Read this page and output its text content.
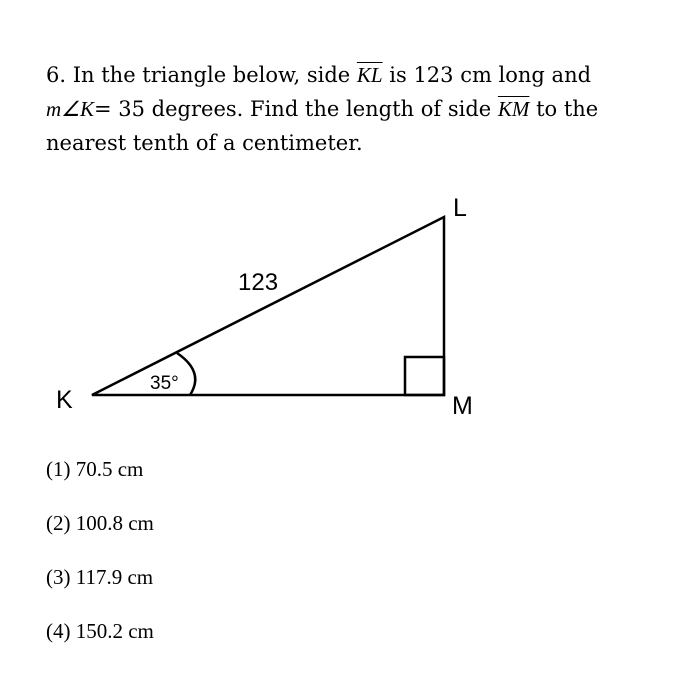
6. In the triangle below, side $\overline{KL}$ is 123 cm long and
m∠K= 35 degrees. Find the length of side $\overline{KM}$ to the
nearest tenth of a centimeter.
K
L
M
123
35°
(1) 70.5 cm
(2) 100.8 cm
(3) 117.9 cm
(4) 150.2 cm
